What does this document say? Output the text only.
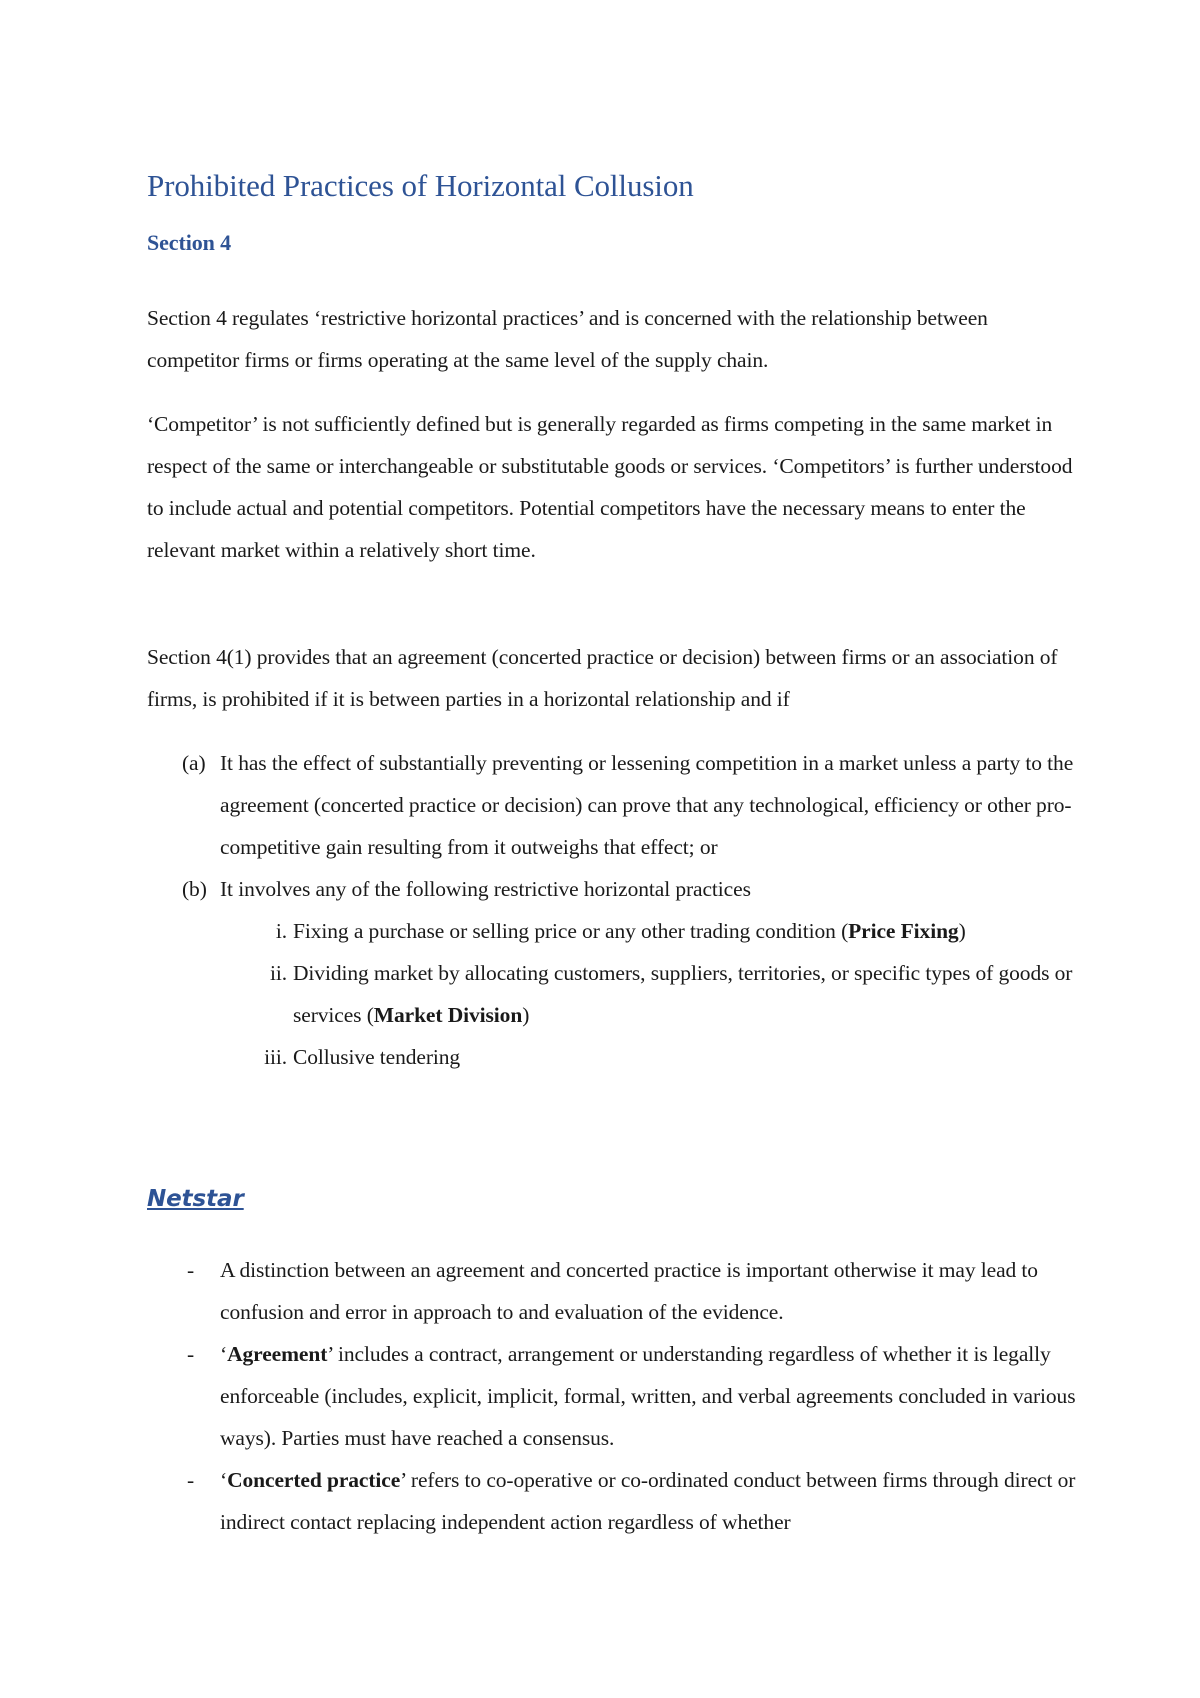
Prohibited Practices of Horizontal Collusion
Section 4

Section 4 regulates ‘restrictive horizontal practices’ and is concerned with the relationship between competitor firms or firms operating at the same level of the supply chain.

‘Competitor’ is not sufficiently defined but is generally regarded as firms competing in the same market in respect of the same or interchangeable or substitutable goods or services. ‘Competitors’ is further understood to include actual and potential competitors. Potential competitors have the necessary means to enter the relevant market within a relatively short time.

Section 4(1) provides that an agreement (concerted practice or decision) between firms or an association of firms, is prohibited if it is between parties in a horizontal relationship and if

(a) It has the effect of substantially preventing or lessening competition in a market unless a party to the agreement (concerted practice or decision) can prove that any technological, efficiency or other pro-competitive gain resulting from it outweighs that effect; or
(b) It involves any of the following restrictive horizontal practices
i. Fixing a purchase or selling price or any other trading condition (Price Fixing)
ii. Dividing market by allocating customers, suppliers, territories, or specific types of goods or services (Market Division)
iii. Collusive tendering
Netstar
- A distinction between an agreement and concerted practice is important otherwise it may lead to confusion and error in approach to and evaluation of the evidence.
- ‘Agreement’ includes a contract, arrangement or understanding regardless of whether it is legally enforceable (includes, explicit, implicit, formal, written, and verbal agreements concluded in various ways). Parties must have reached a consensus.
- ‘Concerted practice’ refers to co-operative or co-ordinated conduct between firms through direct or indirect contact replacing independent action regardless of whether
